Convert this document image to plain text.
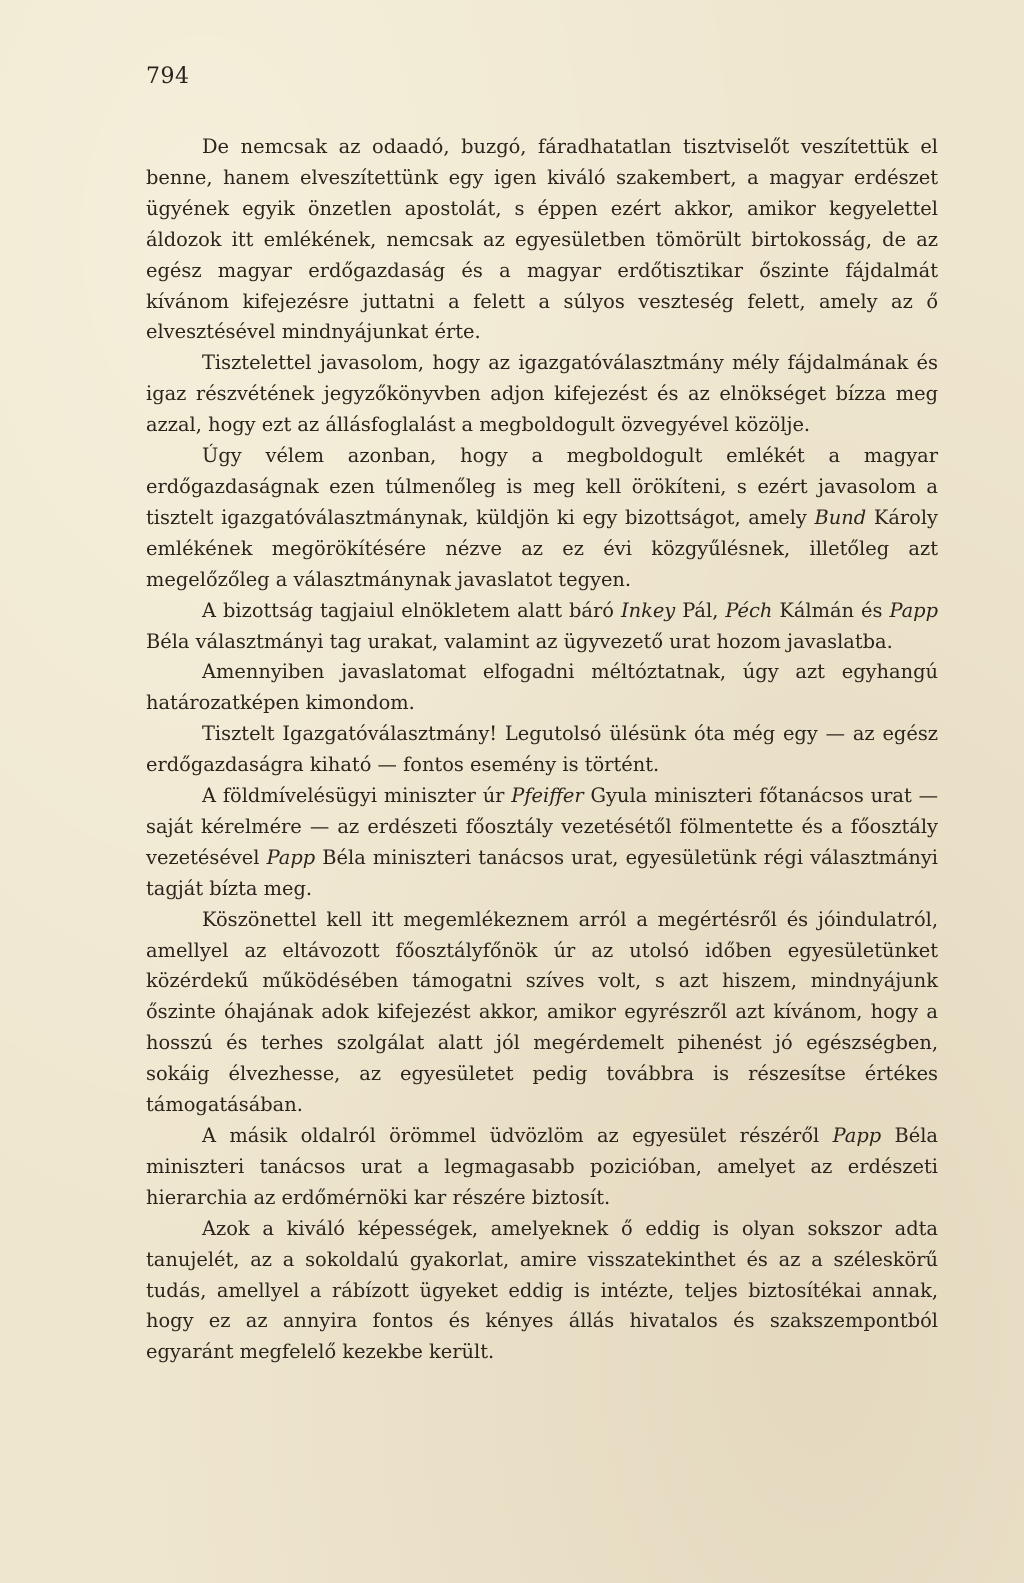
794

De nemcsak az odaadó, buzgó, fáradhatatlan tisztviselőt veszítettük el benne, hanem elveszítettünk egy igen kiváló szakembert, a magyar erdészet ügyének egyik önzetlen apostolát, s éppen ezért akkor, amikor kegyelettel áldozok itt emlékének, nemcsak az egyesületben tömörült birtokosság, de az egész magyar erdőgazdaság és a magyar erdőtisztikar őszinte fájdalmát kívánom kifejezésre juttatni a felett a súlyos veszteség felett, amely az ő elvesztésével mindnyájunkat érte.

Tisztelettel javasolom, hogy az igazgatóválasztmány mély fájdalmának és igaz részvétének jegyzőkönyvben adjon kifejezést és az elnökséget bízza meg azzal, hogy ezt az állásfoglalást a megboldogult özvegyével közölje.

Úgy vélem azonban, hogy a megboldogult emlékét a magyar erdőgazdaságnak ezen túlmenőleg is meg kell örökíteni, s ezért javasolom a tisztelt igazgatóválasztmánynak, küldjön ki egy bizottságot, amely Bund Károly emlékének megörökítésére nézve az ez évi közgyűlésnek, illetőleg azt megelőzőleg a választmánynak javaslatot tegyen.

A bizottság tagjaiul elnökletem alatt báró Inkey Pál, Péch Kálmán és Papp Béla választmányi tag urakat, valamint az ügyvezető urat hozom javaslatba.

Amennyiben javaslatomat elfogadni méltóztatnak, úgy azt egyhangú határozatképen kimondom.

Tisztelt Igazgatóválasztmány! Legutolsó ülésünk óta még egy — az egész erdőgazdaságra kiható — fontos esemény is történt.

A földmívelésügyi miniszter úr Pfeiffer Gyula miniszteri főtanácsos urat — saját kérelmére — az erdészeti főosztály vezetésétől fölmentette és a főosztály vezetésével Papp Béla miniszteri tanácsos urat, egyesületünk régi választmányi tagját bízta meg.

Köszönettel kell itt megemlékeznem arról a megértésről és jóindulatról, amellyel az eltávozott főosztályfőnök úr az utolsó időben egyesületünket közérdekű működésében támogatni szíves volt, s azt hiszem, mindnyájunk őszinte óhajának adok kifejezést akkor, amikor egyrészről azt kívánom, hogy a hosszú és terhes szolgálat alatt jól megérdemelt pihenést jó egészségben, sokáig élvezhesse, az egyesületet pedig továbbra is részesítse értékes támogatásában.

A másik oldalról örömmel üdvözlöm az egyesület részéről Papp Béla miniszteri tanácsos urat a legmagasabb pozicióban, amelyet az erdészeti hierarchia az erdőmérnöki kar részére biztosít.

Azok a kiváló képességek, amelyeknek ő eddig is olyan sokszor adta tanujelét, az a sokoldalú gyakorlat, amire visszatekinthet és az a széleskörű tudás, amellyel a rábízott ügyeket eddig is intézte, teljes biztosítékai annak, hogy ez az annyira fontos és kényes állás hivatalos és szakszempontból egyaránt megfelelő kezekbe került.
